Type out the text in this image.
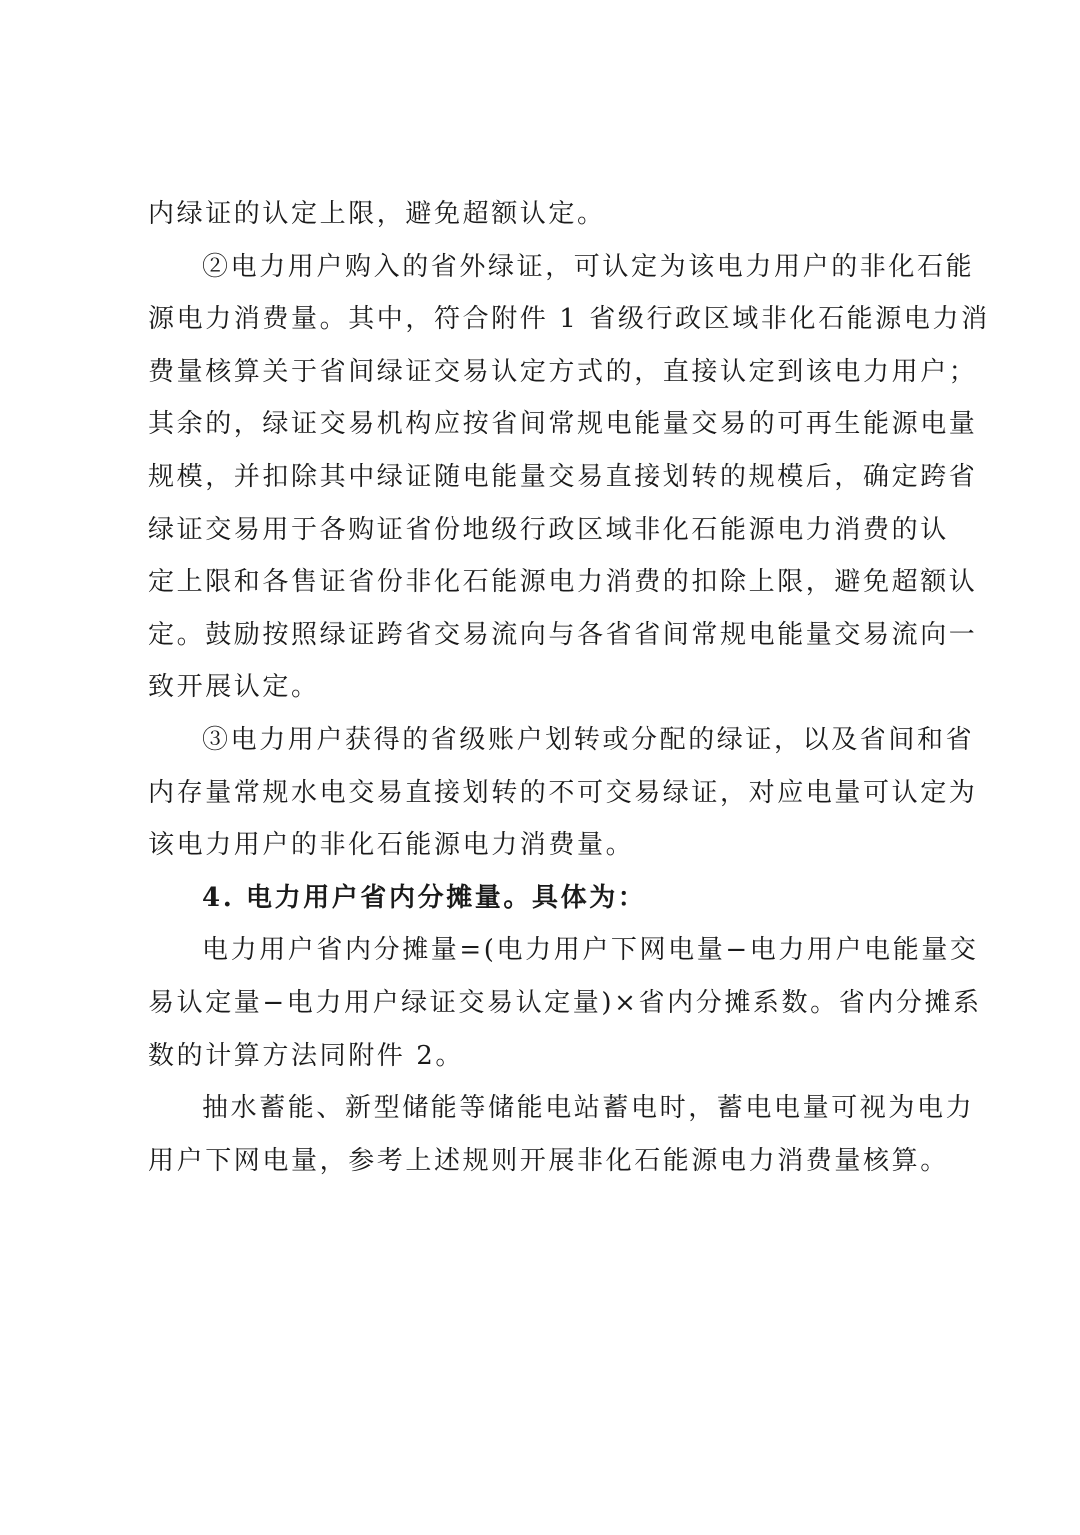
内绿证的认定上限，避免超额认定。
②电力用户购入的省外绿证，可认定为该电力用户的非化石能
源电力消费量。其中，符合附件 1 省级行政区域非化石能源电力消
费量核算关于省间绿证交易认定方式的，直接认定到该电力用户；
其余的，绿证交易机构应按省间常规电能量交易的可再生能源电量
规模，并扣除其中绿证随电能量交易直接划转的规模后，确定跨省
绿证交易用于各购证省份地级行政区域非化石能源电力消费的认
定上限和各售证省份非化石能源电力消费的扣除上限，避免超额认
定。鼓励按照绿证跨省交易流向与各省省间常规电能量交易流向一
致开展认定。
③电力用户获得的省级账户划转或分配的绿证，以及省间和省
内存量常规水电交易直接划转的不可交易绿证，对应电量可认定为
该电力用户的非化石能源电力消费量。
4. 电力用户省内分摊量。具体为：
电力用户省内分摊量=(电力用户下网电量−电力用户电能量交
易认定量−电力用户绿证交易认定量)×省内分摊系数。省内分摊系
数的计算方法同附件 2。
抽水蓄能、新型储能等储能电站蓄电时，蓄电电量可视为电力
用户下网电量，参考上述规则开展非化石能源电力消费量核算。
